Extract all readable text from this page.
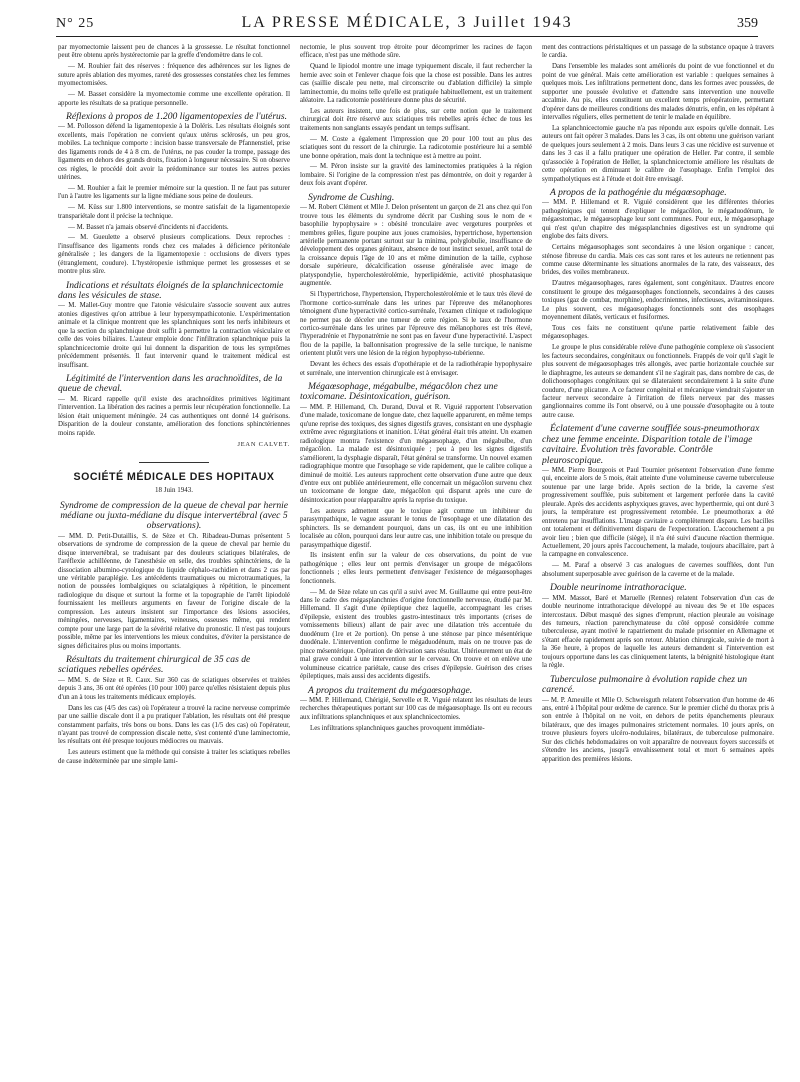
N° 25	LA PRESSE MÉDICALE, 3 Juillet 1943	359

par myomectomie laissent peu de chances à la grossesse. Le résultat fonctionnel peut être obtenu après hystérectomie par la greffe d'endomètre dans le col.

— M. Rouhier fait des réserves : fréquence des adhérences sur les lignes de suture après ablation des myomes, rareté des grossesses constatées chez les femmes myomectomisées.

— M. Basset considère la myomectomie comme une excellente opération. Il apporte les résultats de sa pratique personnelle.

Réflexions à propos de 1.200 ligamentopexies de l'utérus.

— M. Pollosson défend la ligamentopexie à la Doléris. Les résultats éloignés sont excellents, mais l'opération ne convient qu'aux utérus sclérosés, un peu gros, mobiles. La technique comporte : incision basse transversale de Pfannenstiel, prise des ligaments ronds de 4 à 8 cm. de l'utérus, ne pas couder la trompe, passage des ligaments en dehors des grands droits, fixation à longueur nécessaire. Si on observe ces règles, le procédé doit avoir la prédominance sur toutes les autres pexies utérines.

— M. Rouhier a fait le premier mémoire sur la question. Il ne faut pas suturer l'un à l'autre les ligaments sur la ligne médiane sous peine de douleurs.

— M. Küss sur 1.800 interventions, se montre satisfait de la ligamentopexie transpariétale dont il précise la technique.

— M. Basset n'a jamais observé d'incidents ni d'accidents.

— M. Gueulette a observé plusieurs complications. Deux reproches : l'insuffisance des ligaments ronds chez ces malades à déficience péritonéale généralisée ; les dangers de la ligamentopexie : occlusions de divers types (étranglement, coudure). L'hystéropexie isthmique permet les grossesses et se montre plus sûre.

Indications et résultats éloignés de la splanchnicectomie dans les vésicules de stase.

— M. Mallet-Guy montre que l'atonie vésiculaire s'associe souvent aux autres atonies digestives qu'on attribue à leur hypersympathicotonie. L'expérimentation animale et la clinique montrent que les splanchniques sont les nerfs inhibiteurs et que la section du splanchnique droit suffit à permettre la contraction vésiculaire et celle des voies biliaires. L'auteur emploie donc l'infiltration splanchnique puis la splanchnicectomie droite qui lui donnent la disparition de tous les symptômes précédemment présentés. Il faut intervenir quand le traitement médical est insuffisant.

Légitimité de l'intervention dans les arachnoïdites, de la queue de cheval.

— M. Ricard rappelle qu'il existe des arachnoïdites primitives légitimant l'intervention. La libération des racines a permis leur récupération fonctionnelle. La lésion était uniquement méningée. 24 cas authentiques ont donné 14 guérisons. Disparition de la douleur constante, amélioration des fonctions sphinctériennes moins rapide.

JEAN CALVET.
SOCIÉTÉ MÉDICALE DES HOPITAUX
18 Juin 1943.
Syndrome de compression de la queue de cheval par hernie médiane ou juxta-médiane du disque intervertébral (avec 5 observations).

— MM. D. Petit-Dutaillis, S. de Sèze et Ch. Ribadeau-Dumas présentent 5 observations de syndrome de compression de la queue de cheval par hernie du disque intervertébral, se traduisant par des douleurs sciatiques bilatérales, de l'aréflexie achilléenne, de l'anesthésie en selle, des troubles sphinctériens, de la dissociation albumino-cytologique du liquide céphalo-rachidien et dans 2 cas par une véritable paraplégie. Les antécédents traumatiques ou microtraumatiques, la notion de poussées lombalgiques ou sciatalgiques à répétition, le pincement radiologique du disque et surtout la forme et la topographie de l'arrêt lipiodolé fournissaient les meilleurs arguments en faveur de l'origine discale de la compression. Les auteurs insistent sur l'importance des lésions associées, méningées, nerveuses, ligamentaires, veineuses, osseuses même, qui rendent compte pour une large part de la sévérité relative du pronostic. Il n'est pas toujours possible, même par les interventions les mieux conduites, d'éviter la persistance de signes déficitaires plus ou moins importants.

Résultats du traitement chirurgical de 35 cas de sciatiques rebelles opérées.

— MM. S. de Sèze et R. Caux. Sur 360 cas de sciatiques observées et traitées depuis 3 ans, 36 ont été opérées (10 pour 100) parce qu'elles résistaient depuis plus d'un an à tous les traitements médicaux employés.

Dans les cas (4/5 des cas) où l'opérateur a trouvé la racine nerveuse comprimée par une saillie discale dont il a pu pratiquer l'ablation, les résultats ont été presque constamment parfaits, très bons ou bons. Dans les cas (1/5 des cas) où l'opérateur, n'ayant pas trouvé de compression discale nette, s'est contenté d'une laminectomie, les résultats ont été presque toujours médiocres ou mauvais.

Les auteurs estiment que la méthode qui consiste à traiter les sciatiques rebelles de cause indéterminée par une simple lami-

nectomie, le plus souvent trop étroite pour décomprimer les racines de façon efficace, n'est pas une méthode sûre.

Quand le lipiodol montre une image typiquement discale, il faut rechercher la hernie avec soin et l'enlever chaque fois que la chose est possible. Dans les autres cas (saillie discale peu nette, mal circonscrite ou d'ablation difficile) la simple laminectomie, du moins telle qu'elle est pratiquée habituellement, est un traitement aléatoire. La radicotomie postérieure donne plus de sécurité.

Les auteurs insistent, une fois de plus, sur cette notion que le traitement chirurgical doit être réservé aux sciatiques très rebelles après échec de tous les traitements non sanglants essayés pendant un temps suffisant.

— M. Coste a également l'impression que 20 pour 100 tout au plus des sciatiques sont du ressort de la chirurgie. La radicotomie postérieure lui a semblé une bonne opération, mais dont la technique est à mettre au point.

— M. Péron insiste sur la gravité des laminectomies pratiquées à la région lombaire. Si l'origine de la compression n'est pas démontrée, on doit y regarder à deux fois avant d'opérer.

Syndrome de Cushing.

— M. Robert Clément et Mlle J. Delon présentent un garçon de 21 ans chez qui l'on trouve tous les éléments du syndrome décrit par Cushing sous le nom de « basophilie hypophysaire » : obésité tronculaire avec vergetures pourprées et membres grêles, figure poupine aux joues cramoisies, hypertrichose, hypertension artérielle permanente portant surtout sur la minima, polyglobulie, insuffisance de développement des organes génitaux, absence de tout instinct sexuel, arrêt total de la croissance depuis l'âge de 10 ans et même diminution de la taille, cyphose dorsale supérieure, décalcification osseuse généralisée avec image de platyspondylie, hypercholestérolémie, hyperlipidémie, activité phosphatasique augmentée.

Si l'hypertrichose, l'hypertension, l'hypercholestérolémie et le taux très élevé de l'hormone cortico-surrénale dans les urines par l'épreuve des mélanophores témoignent d'une hyperactivité cortico-surrénale, l'examen clinique et radiologique ne permet pas de déceler une tumeur de cette région. Si le taux de l'hormone cortico-surrénale dans les urines par l'épreuve des mélanophores est très élevé, l'hyperadrénie et l'hyponatrémie ne sont pas en faveur d'une hyperactivité. L'aspect flou de la papille, la ballonnisation progressive de la selle turcique, le nanisme orientent plutôt vers une lésion de la région hypophyso-tubérienne.

Devant les échecs des essais d'opothérapie et de la radiothérapie hypophysaire et surrénale, une intervention chirurgicale est à envisager.

Mégaœsophage, mégabulbe, mégacôlon chez une toxicomane. Désintoxication, guérison.

— MM. P. Hillemand, Ch. Durand, Duval et R. Viguié rapportent l'observation d'une malade, toxicomane de longue date, chez laquelle apparurent, en même temps qu'une reprise des toxiques, des signes digestifs graves, consistant en une dysphagie extrême avec régurgitations et inanition. L'état général était très atteint. Un examen radiologique montra l'existence d'un mégaœsophage, d'un mégabulbe, d'un mégacôlon. La malade est désintoxiquée ; peu à peu les signes digestifs s'améliorent, la dysphagie disparaît, l'état général se transforme. Un nouvel examen radiographique montre que l'œsophage se vide rapidement, que le calibre colique a diminué de moitié. Les auteurs rapprochent cette observation d'une autre que deux d'entre eux ont publiée antérieurement, elle concernait un mégacôlon survenu chez un toxicomane de longue date, mégacôlon qui disparut après une cure de désintoxication pour réapparaître après la reprise du toxique.

Les auteurs admettent que le toxique agit comme un inhibiteur du parasympathique, le vague assurant le tonus de l'œsophage et une dilatation des sphincters. Ils se demandent pourquoi, dans un cas, ils ont eu une inhibition localisée au côlon, pourquoi dans leur autre cas, une inhibition totale ou presque du parasympathique digestif.

Ils insistent enfin sur la valeur de ces observations, du point de vue pathogénique ; elles leur ont permis d'envisager un groupe de mégacôlons fonctionnels ; elles leurs permettent d'envisager l'existence de mégaœsophages fonctionnels.

— M. de Sèze relate un cas qu'il a suivi avec M. Guillaume qui entre peut-être dans le cadre des mégasplanchnies d'origine fonctionnelle nerveuse, étudié par M. Hillemand. Il s'agit d'une épileptique chez laquelle, accompagnant les crises d'épilepsie, existent des troubles gastro-intestinaux très importants (crises de vomissements bilieux) allant de pair avec une dilatation très accentuée du duodénum (1re et 2e portion). On pense à une sténose par pince mésentérique duodénale. L'intervention confirme le mégaduodénum, mais on ne trouve pas de pince mésentérique. Opération de dérivation sans résultat. Ultérieurement un état de mal grave conduit à une intervention sur le cerveau. On trouve et on enlève une volumineuse cicatrice pariétale, cause des crises d'épilepsie. Guérison des crises épileptiques, mais aussi des accidents digestifs.

A propos du traitement du mégaœsophage.

— MM. P. Hillemand, Chérigié, Servelle et R. Viguié relatent les résultats de leurs recherches thérapeutiques portant sur 100 cas de mégaœsophage. Ils ont eu recours aux infiltrations splanchniques et aux splanchnicectomies.

Les infiltrations splanchniques gauches provoquent immédiate-

ment des contractions péristaltiques et un passage de la substance opaque à travers le cardia.

Dans l'ensemble les malades sont améliorés du point de vue fonctionnel et du point de vue général. Mais cette amélioration est variable : quelques semaines à quelques mois. Les infiltrations permettent donc, dans les formes avec poussées, de supporter une poussée évolutive et d'attendre sans intervention une nouvelle accalmie. Au pis, elles constituent un excellent temps préopératoire, permettant d'opérer dans de meilleures conditions des malades dénutris, enfin, en les répétant à intervalles réguliers, elles permettent de tenir le malade en équilibre.

La splanchnicectomie gauche n'a pas répondu aux espoirs qu'elle donnait. Les auteurs ont fait opérer 3 malades. Dans les 3 cas, ils ont obtenu une guérison variant de quelques jours seulement à 2 mois. Dans leurs 3 cas une récidive est survenue et dans les 3 cas il a fallu pratiquer une opération de Heller. Par contre, il semble qu'associée à l'opération de Heller, la splanchnicectomie améliore les résultats de cette opération en diminuant le calibre de l'œsophage. Enfin l'emploi des sympatholytiques est à l'étude et doit être envisagé.

A propos de la pathogénie du mégaœsophage.

— MM. P. Hillemand et R. Viguié considèrent que les différentes théories pathogéniques qui tentent d'expliquer le mégacôlon, le mégaduodénum, le mégaestomac, le mégaœsophage leur sont communes. Pour eux, le mégaœsophage qui n'est qu'un chapitre des mégasplanchnies digestives est un syndrome qui englobe des faits divers.

Certains mégaœsophages sont secondaires à une lésion organique : cancer, sténose fibreuse du cardia. Mais ces cas sont rares et les auteurs ne retiennent pas comme cause déterminante les situations anormales de la rate, des vaisseaux, des brides, des voiles membraneux.

D'autres mégaœsophages, rares également, sont congénitaux. D'autres encore constituent le groupe des mégaœsophages fonctionnels, secondaires à des causes toxiques (gaz de combat, morphine), endocriniennes, infectieuses, avitaminosiques. Le plus souvent, ces mégaœsophages fonctionnels sont des œsophages moyennement dilatés, verticaux et fusiformes.

Tous ces faits ne constituent qu'une partie relativement faible des mégaœsophages.

Le groupe le plus considérable relève d'une pathogénie complexe où s'associent les facteurs secondaires, congénitaux ou fonctionnels. Frappés de voir qu'il s'agit le plus souvent de mégaœsophages très allongés, avec partie horizontale couchée sur le diaphragme, les auteurs se demandent s'il ne s'agirait pas, dans nombre de cas, de dolichoœsophages congénitaux qui se dilateraient secondairement à la suite d'une coudure, d'une plicature. A ce facteur congénital et mécanique viendrait s'ajouter un facteur nerveux secondaire à l'irritation de filets nerveux par des masses ganglionnaires comme ils l'ont observé, ou à une poussée d'œsophagite ou à toute autre cause.

Éclatement d'une caverne soufflée sous-pneumothorax chez une femme enceinte. Disparition totale de l'image cavitaire. Évolution très favorable. Contrôle pleuroscopique.

— MM. Pierre Bourgeois et Paul Tournier présentent l'observation d'une femme qui, enceinte alors de 5 mois, était atteinte d'une volumineuse caverne tuberculeuse soutenue par une large bride. Après section de la bride, la caverne s'est progressivement soufflée, puis subitement et largement perforée dans la cavité pleurale. Après des accidents asphyxiques graves, avec hyperthermie, qui ont duré 3 jours, la température est progressivement retombée. Le pneumothorax a été entretenu par insufflations. L'image cavitaire a complètement disparu. Les bacilles ont totalement et définitivement disparu de l'expectoration. L'accouchement a pu avoir lieu ; bien que difficile (siège), il n'a été suivi d'aucune réaction thermique. Actuellement, 20 jours après l'accouchement, la malade, toujours abacillaire, part à la campagne en convalescence.

— M. Paraf a observé 3 cas analogues de cavernes soufflées, dont l'un absolument superposable avec guérison de la caverne et de la malade.

Double neurinome intrathoracique.

— MM. Massot, Baré et Maruelle (Rennes) relatent l'observation d'un cas de double neurinome intrathoracique développé au niveau des 9e et 10e espaces intercostaux. Début masqué des signes d'emprunt, réaction pleurale au voisinage des tumeurs, réaction parenchymateuse du côté opposé considérée comme tuberculeuse, ayant motivé le rapatriement du malade prisonnier en Allemagne et s'étant effacée rapidement après son retour. Ablation chirurgicale, suivie de mort à la 36e heure, à propos de laquelle les auteurs demandent si l'intervention est toujours opportune dans les cas cliniquement latents, la bénignité histologique étant la règle.

Tuberculose pulmonaire à évolution rapide chez un carencé.

— M. P. Ameuille et Mlle O. Schweisguth relatent l'observation d'un homme de 46 ans, entré à l'hôpital pour œdème de carence. Sur le premier cliché du thorax pris à son entrée à l'hôpital on ne voit, en dehors de petits épanchements pleuraux bilatéraux, que des images pulmonaires strictement normales. 10 jours après, on trouve plusieurs foyers ulcéro-nodulaires, bilatéraux, de tuberculose pulmonaire. Sur des clichés hebdomadaires on voit apparaître de nouveaux foyers successifs et s'étendre les anciens, jusqu'à envahissement total et mort 6 semaines après apparition des premières lésions.
